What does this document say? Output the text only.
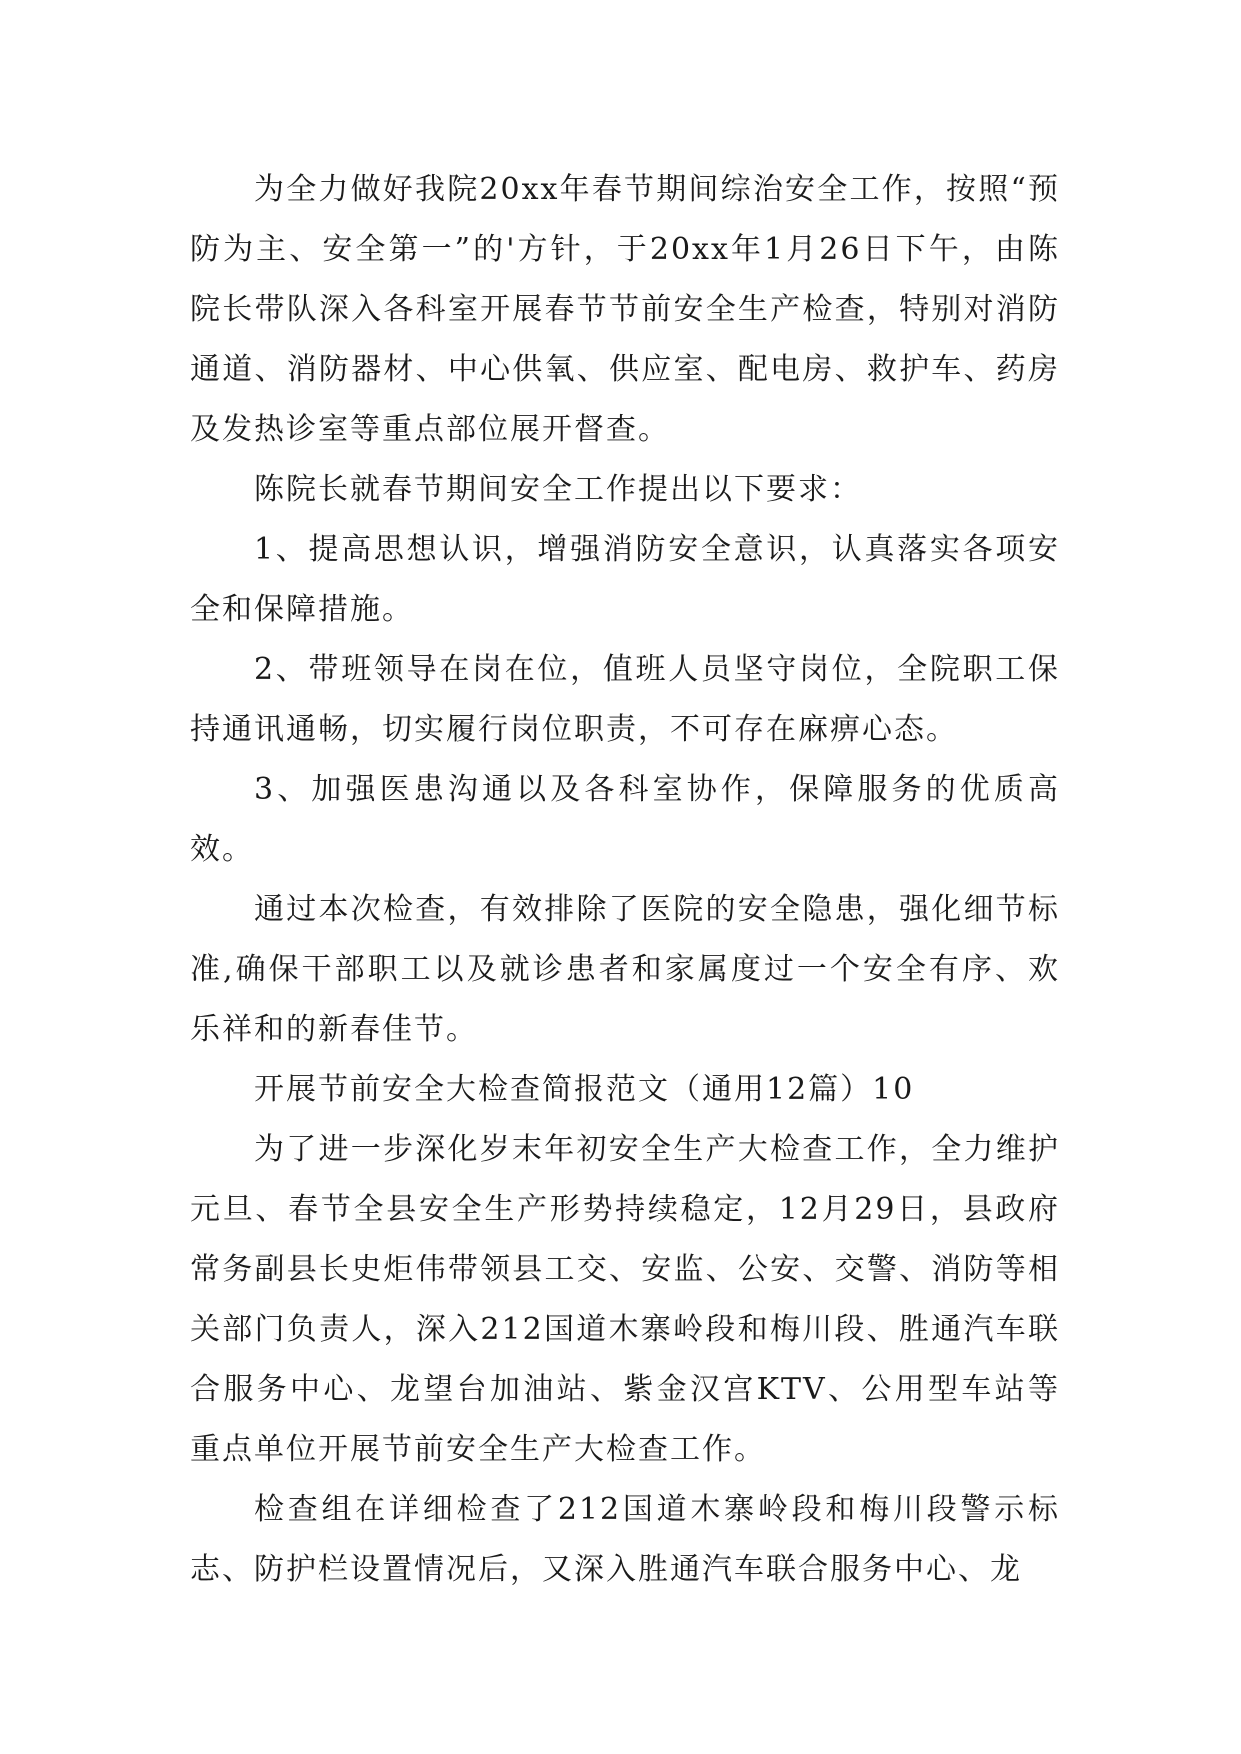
为全力做好我院20xx年春节期间综治安全工作，按照“预防为主、安全第一”的'方针，于20xx年1月26日下午，由陈院长带队深入各科室开展春节节前安全生产检查，特别对消防通道、消防器材、中心供氧、供应室、配电房、救护车、药房及发热诊室等重点部位展开督查。

陈院长就春节期间安全工作提出以下要求：

1、提高思想认识，增强消防安全意识，认真落实各项安全和保障措施。

2、带班领导在岗在位，值班人员坚守岗位，全院职工保持通讯通畅，切实履行岗位职责，不可存在麻痹心态。

3、加强医患沟通以及各科室协作，保障服务的优质高效。

通过本次检查，有效排除了医院的安全隐患，强化细节标准,确保干部职工以及就诊患者和家属度过一个安全有序、欢乐祥和的新春佳节。

开展节前安全大检查简报范文（通用12篇）10

为了进一步深化岁末年初安全生产大检查工作，全力维护元旦、春节全县安全生产形势持续稳定，12月29日，县政府常务副县长史炬伟带领县工交、安监、公安、交警、消防等相关部门负责人，深入212国道木寨岭段和梅川段、胜通汽车联合服务中心、龙望台加油站、紫金汉宫KTV、公用型车站等重点单位开展节前安全生产大检查工作。

检查组在详细检查了212国道木寨岭段和梅川段警示标志、防护栏设置情况后，又深入胜通汽车联合服务中心、龙
